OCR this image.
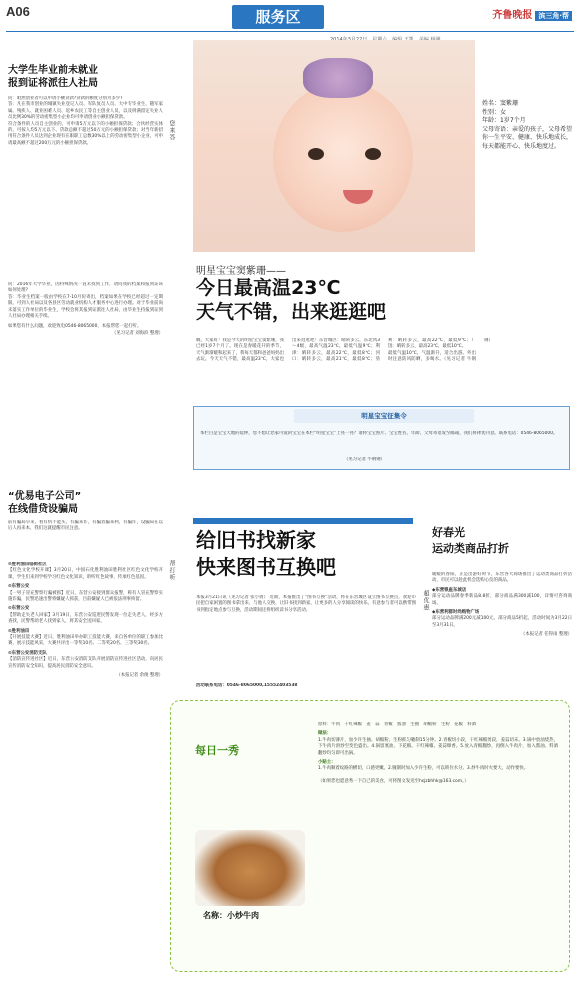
A06	服务区	齐鲁晚报 滨三角·帮
大学生毕业前未就业
报到证将派往人社局

问：咱然创业者可以申请小额贷款?贷款的额度分别为多少?

答：凡在我市创业的城镇失业登记人员、军队复员人员、大中专毕业生、随军家属、残疾人、就业困难人员、返乡农民工等自主创业人员，以及刑满留定失业人员比例30%的劳动密集型小企业均可申请创业小额担保贷款。

符合条件的人员自主创业的，可申请5万元以下的小额担保贷款；合伙经营实体的，可按人均5万元以下、贷款总额不超过50万元的小额担保贷款；对当年新招用符合条件人员达到企业现有在职职工总数30%以上的劳动密集型小企业，可申请最高额不超过200万元的小额担保贷款。

问：2016年大学毕业，因特殊情况一直未找到工作，请问我的档案和报到证该如何处理?

答：毕业生档案一般由学校在7-10月份寄出，档案如果在学校已经超过一定期限，可到人社局以及各县区劳动就业机构人才服务中心进行办理。对于毕业前尚未落实工作单位的毕业生，学校会将其报到证派往人社局，由毕业生持报到证到人社局办理相关手续。

如果您有什么问题，欢迎致电0546-8065000，本报帮您一起打听。

（见习记者 刘海滨 整理）

“优易电子公司”
在线借贷设骗局
前有骗局早来，看有机不能买，有骗来诈，有骗者骗来利，有骗诈，设骗局在以后人再来本，我们这就提醒市民注意。

⊙胜利油田临街社区

【红色文化学校开课】3月20日，中国石化胜利油田胜利社区红色文化学校开课，学生们来到学校学习红色文化知识，聆听红色故事，传承红色基因。

⊙东营公安

【一男子冒充警察行骗被抓】近日，东营公安接到群众报警，称有人冒充警察实施诈骗，民警迅速出警将嫌疑人抓获，目前嫌疑人已被依法刑事拘留。

⊙东营公安

【帮助走失老人回家】3月19日，东营公安巡逻民警发现一位走失老人，经多方查找，民警帮助老人找到家人，将其安全送回家。

⊙胜利油田

【开展技能大赛】近日，胜利油田举办职工技能大赛，来自各单位的职工参加比赛，展示技能风采，大赛共评出一等奖10名、二等奖20名、三等奖30名。

⊙东营公安消防支队

【消防宣传进社区】近日，东营公安消防支队开展消防宣传进社区活动，向居民宣传消防安全知识，提高居民消防安全意识。

（本报记者 余俊 整理）

您来答
帮打听
超优惠
姓名：窦紫珊
性别：女
年龄：1岁7个月
父母寄语：亲爱的孩子，父母希望你一生平安、健康、快乐地成长，每天都能开心、快乐地度过。
明星宝宝窦紫珊——
今日最高温23℃
天气不错，出来逛逛吧

嗨，大家好！我是今天的明星宝宝窦紫珊，我已经1岁7个月了。现在是春暖花开的季节，天气渐渐暖和起来了，我每天都和爸爸妈妈出去玩。今天天气不错，最高温23℃，大家也出来逛逛吧！东营城区：晴转多云，东北风3～4级，最高气温23℃，最低气温9℃；利津：晴转多云，最高22℃，最低8℃；河口：晴转多云，最高21℃，最低8℃；垦利：晴转多云，最高22℃，最低9℃；广饶：晴转多云，最高23℃，最低10℃。

最低气温10℃，气温渐升，适合出游。外出时注意防风防晒，多喝水。（见习记者 牛钢钢）

明星宝宝征集令
本栏目是宝宝天地的延伸，您不想让您家可爱的宝宝在本栏“明星宝宝”上亮一亮？请将宝宝照片、宝宝姓名、年龄、父母寄语发至邮箱，我们将择优刊登。联系电话：0546-8065000。
（见习记者 牛钢钢）
给旧书找新家
快来图书互换吧
本报3月21日讯（见习记者 张小倩） 近期，本报推出了“图书互换”活动，将在东营城区设立图书互换点，欢迎市民把自家闲置的图书拿出来，与他人交换，让旧书找到新家，让更多的人分享阅读的快乐。有意参与者可以携带图书到指定地点参与互换，活动期间还将组织读书分享活动。
活动联系电话：0546-8065000,15552403538
好春光
运动类商品打折

暖暖的春阳，正是出游好时节，东营各大商场推出了运动类商品打折活动，市民可以趁此机会选购心仪的商品。

◆东营银座东城店

部分运动品牌春季新品8.8折，部分商品满300减100，详情可咨询商场。

◆东营利群时尚购物广场

部分运动品牌满200元减100元，部分商品5折起，活动时间为3月22日至3月31日。

（本报记者 任得雨 整理）

每日一秀
名称：小炒牛肉

原料：牛肉　干红辣椒　姜　蒜　青椒　酱油　生抽　胡椒粉　生粉　花椒　料酒

做法：

1.牛肉切薄片，加少许生抽、胡椒粉、生粉抓匀腌制15分钟。2.青椒切小段，干红辣椒剪段，姜蒜切末。3.锅中放油烧热，下牛肉片滑炒至变色盛出。4.锅留底油，下花椒、干红辣椒、姜蒜爆香。5.放入青椒翻炒，再倒入牛肉片，加入酱油、料酒翻炒均匀即可出锅。

小贴士：

1.牛肉顺着纹路的横切，口感更嫩。2.腌制时加入少许生粉，可以锁住水分。3.炒牛肉时火要大，动作要快。

（如果您也愿意秀一下自己的美食，可将图文发送至hsjzbhhk@163.com。）
